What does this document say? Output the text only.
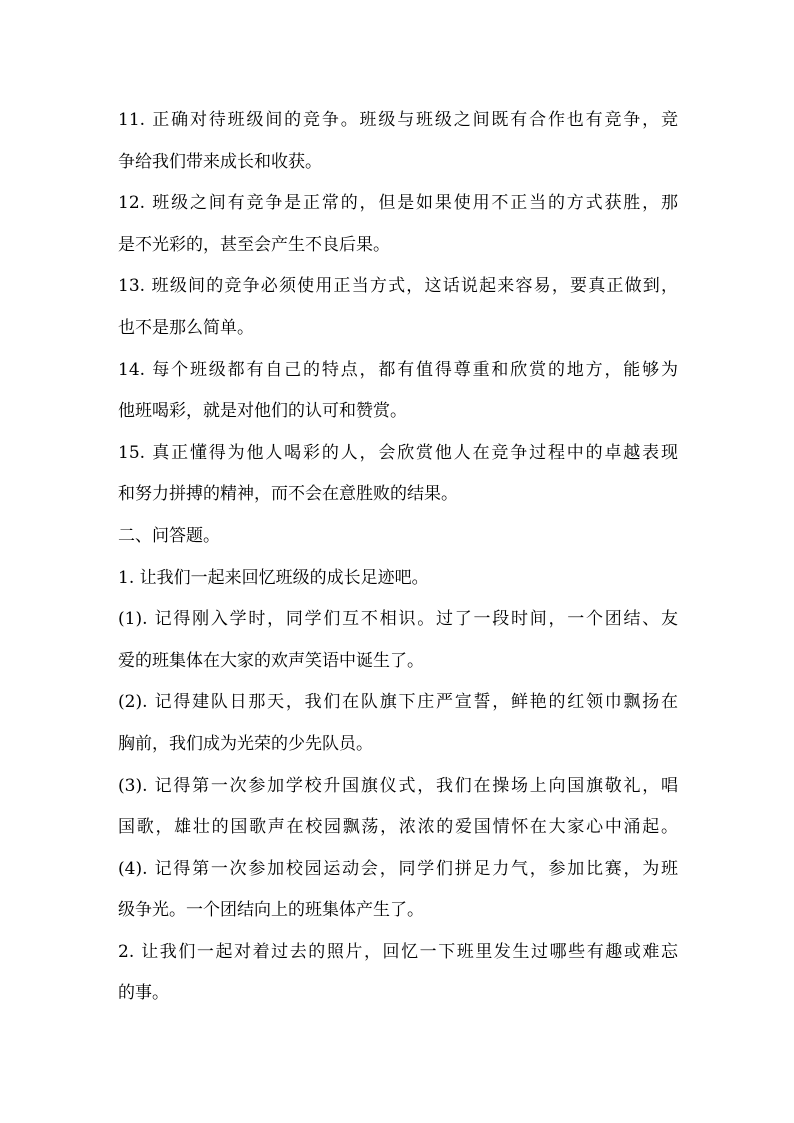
11. 正确对待班级间的竞争。班级与班级之间既有合作也有竞争，竞
争给我们带来成长和收获。
12. 班级之间有竞争是正常的，但是如果使用不正当的方式获胜，那
是不光彩的，甚至会产生不良后果。
13. 班级间的竞争必须使用正当方式，这话说起来容易，要真正做到，
也不是那么简单。
14. 每个班级都有自己的特点，都有值得尊重和欣赏的地方，能够为
他班喝彩，就是对他们的认可和赞赏。
15. 真正懂得为他人喝彩的人，会欣赏他人在竞争过程中的卓越表现
和努力拼搏的精神，而不会在意胜败的结果。
二、问答题。
1. 让我们一起来回忆班级的成长足迹吧。
(1). 记得刚入学时，同学们互不相识。过了一段时间，一个团结、友
爱的班集体在大家的欢声笑语中诞生了。
(2). 记得建队日那天，我们在队旗下庄严宣誓，鲜艳的红领巾飘扬在
胸前，我们成为光荣的少先队员。
(3). 记得第一次参加学校升国旗仪式，我们在操场上向国旗敬礼，唱
国歌，雄壮的国歌声在校园飘荡，浓浓的爱国情怀在大家心中涌起。
(4). 记得第一次参加校园运动会，同学们拼足力气，参加比赛，为班
级争光。一个团结向上的班集体产生了。
2. 让我们一起对着过去的照片，回忆一下班里发生过哪些有趣或难忘
的事。
